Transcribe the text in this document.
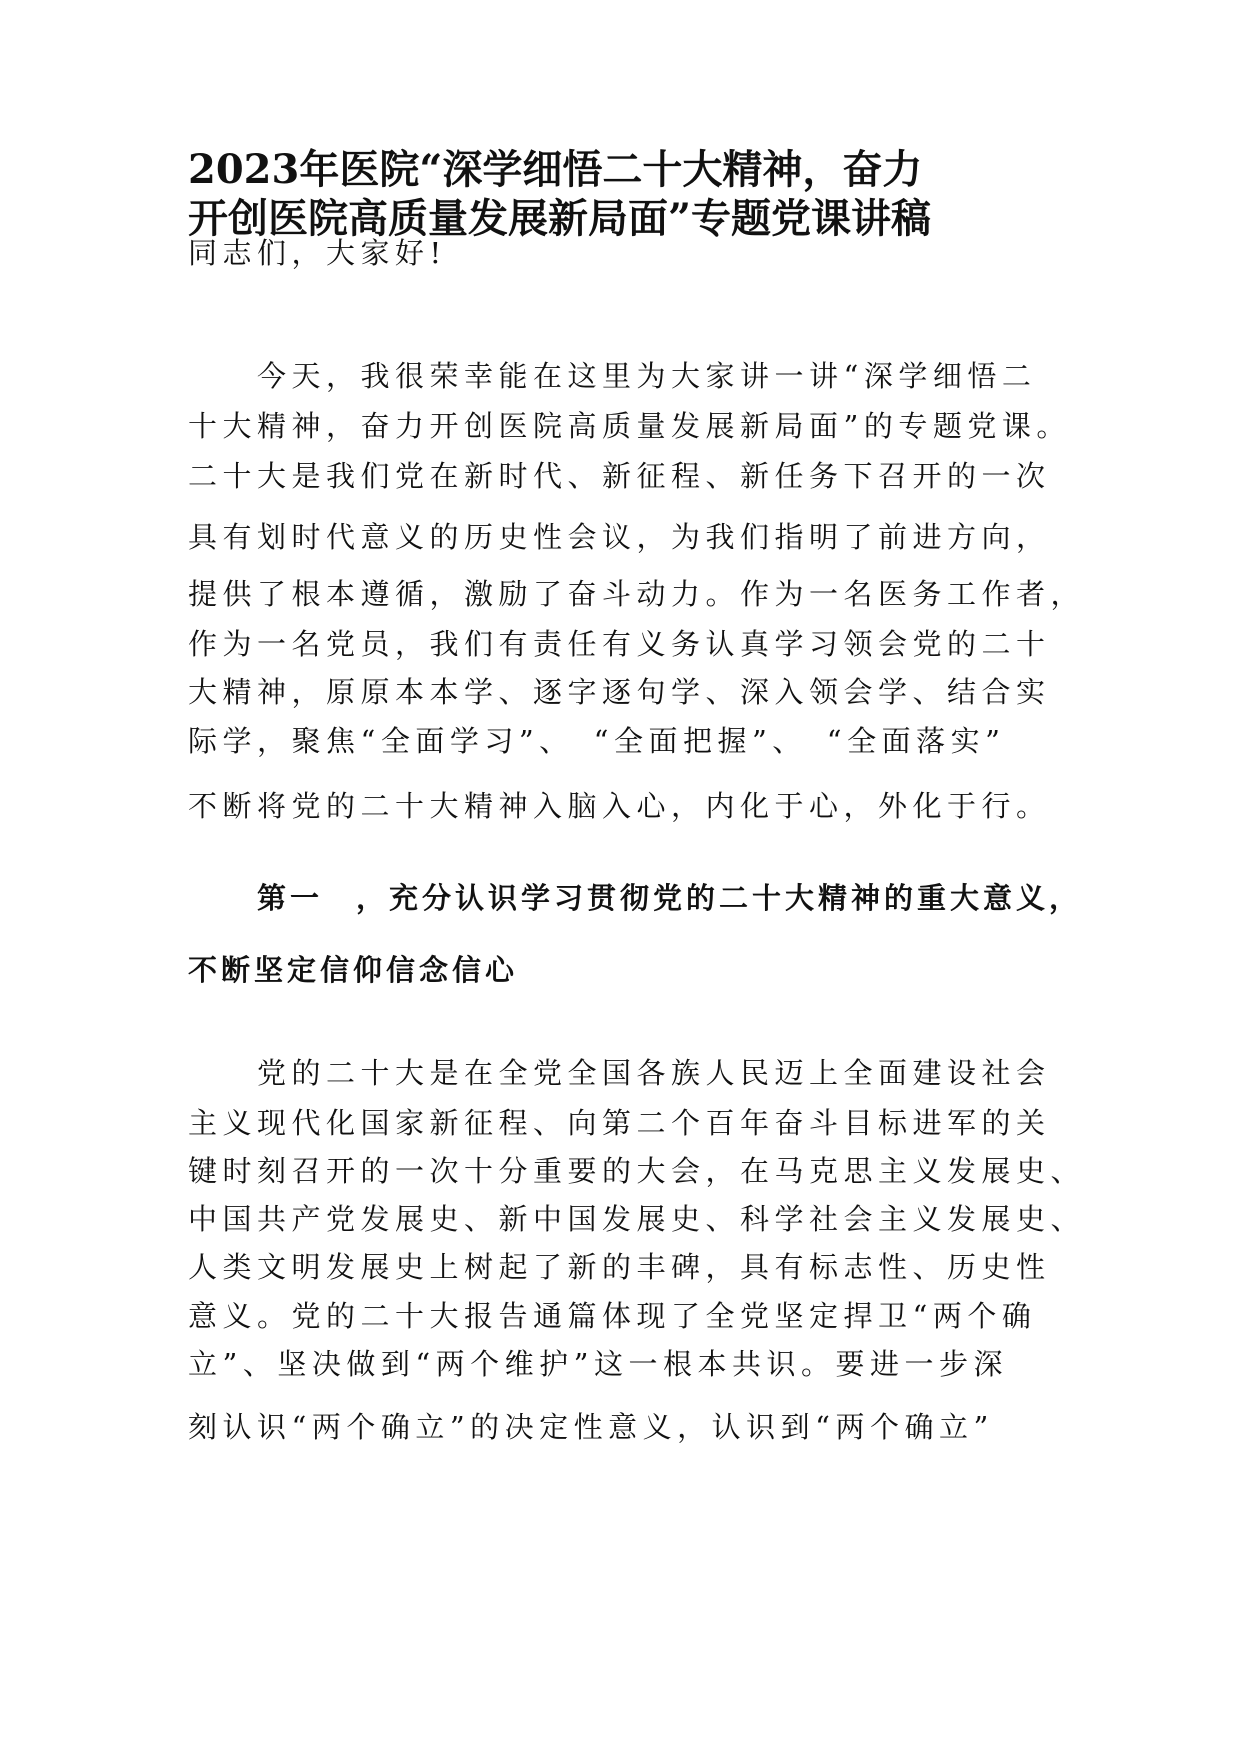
2023年医院“深学细悟二十大精神，奋力
开创医院高质量发展新局面”专题党课讲稿
同志们，大家好!
今天，我很荣幸能在这里为大家讲一讲“深学细悟二
十大精神，奋力开创医院高质量发展新局面”的专题党课。
二十大是我们党在新时代、新征程、新任务下召开的一次
具有划时代意义的历史性会议，为我们指明了前进方向，
提供了根本遵循，激励了奋斗动力。作为一名医务工作者，
作为一名党员，我们有责任有义务认真学习领会党的二十
大精神，原原本本学、逐字逐句学、深入领会学、结合实
际学，聚焦“全面学习”、　“全面把握”、　“全面落实”
不断将党的二十大精神入脑入心，内化于心，外化于行。
第一　，充分认识学习贯彻党的二十大精神的重大意义，
不断坚定信仰信念信心
党的二十大是在全党全国各族人民迈上全面建设社会
主义现代化国家新征程、向第二个百年奋斗目标进军的关
键时刻召开的一次十分重要的大会，在马克思主义发展史、
中国共产党发展史、新中国发展史、科学社会主义发展史、
人类文明发展史上树起了新的丰碑，具有标志性、历史性
意义。党的二十大报告通篇体现了全党坚定捍卫“两个确
立”、坚决做到“两个维护”这一根本共识。要进一步深
刻认识“两个确立”的决定性意义，认识到“两个确立”
